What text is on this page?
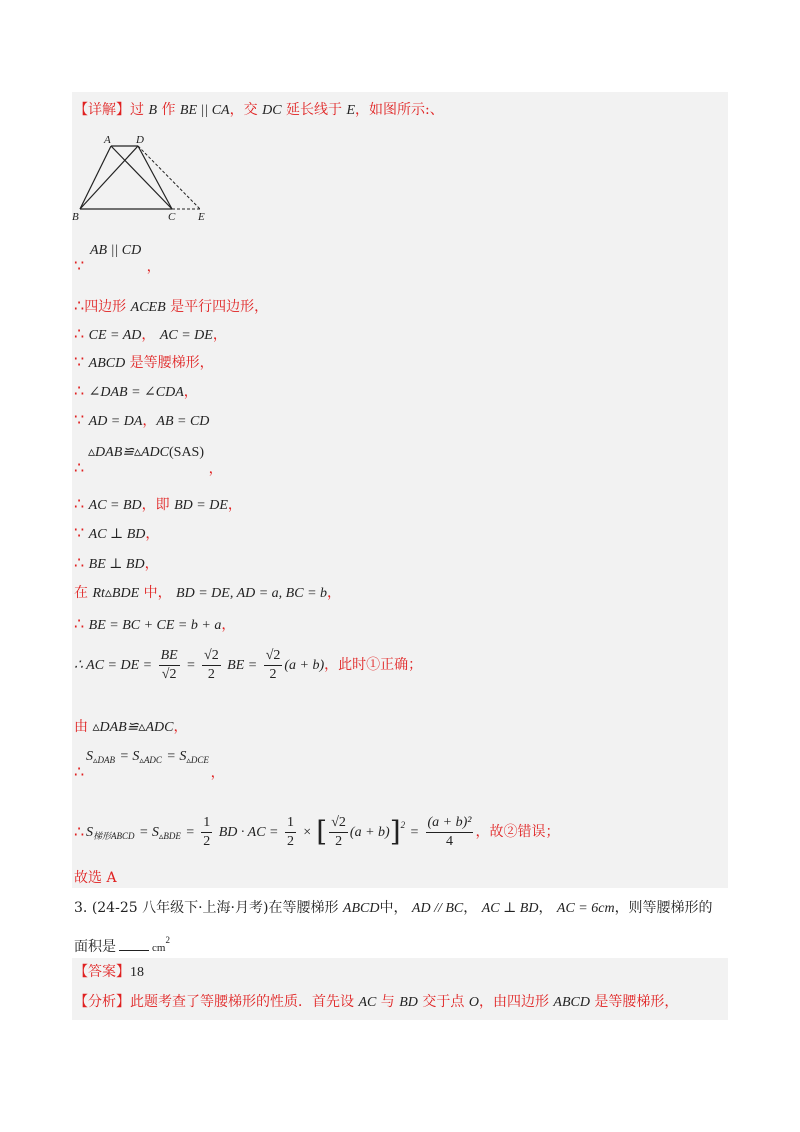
【详解】过 B 作 BE || CA，交 DC 延长线于 E，如图所示:、
A D
B	C E
AB || CD
∵	，
∴四边形 ACEB 是平行四边形，
∴ CE = AD， AC = DE，
∵ ABCD 是等腰梯形，
∴ ∠DAB = ∠CDA，
∵ AD = DA，AB = CD
▵DAB≌▵ADC(SAS)
∴	，
∴ AC = BD，即 BD = DE，
∵ AC ⊥ BD，
∴ BE ⊥ BD，
在 Rt▵BDE 中， BD = DE, AD = a, BC = b，
∴ BE = BC + CE = b + a，
∴ AC = DE = $\frac{BE}{√2} = \frac{√2}{2}$ BE = $\frac{√2}{2} (a + b)$，此时①正确；
由 ▵DAB≌▵ADC，
$S_{▵DAB} = S_{▵ADC} = S_{▵DCE}$
∴	，
$S_{梯形ABCD} = S_{▵BDE} = \frac{1}{2}$ BD · AC = $\frac{1}{2}$ × [ $\frac{√2}{2} (a + b)]^2 = \frac{\text{(a + b)²}}{4}$ ，故②错误；
∴
故选 A
3. (24-25 八年级下·上海·月考)在等腰梯形 ABCD中， AD // BC， AC ⊥ BD， AC = 6cm，则等腰梯形的
面积是	$cm^2$
【答案】18
【分析】此题考查了等腰梯形的性质．首先设 AC 与 BD 交于点 O，由四边形 ABCD 是等腰梯形，
